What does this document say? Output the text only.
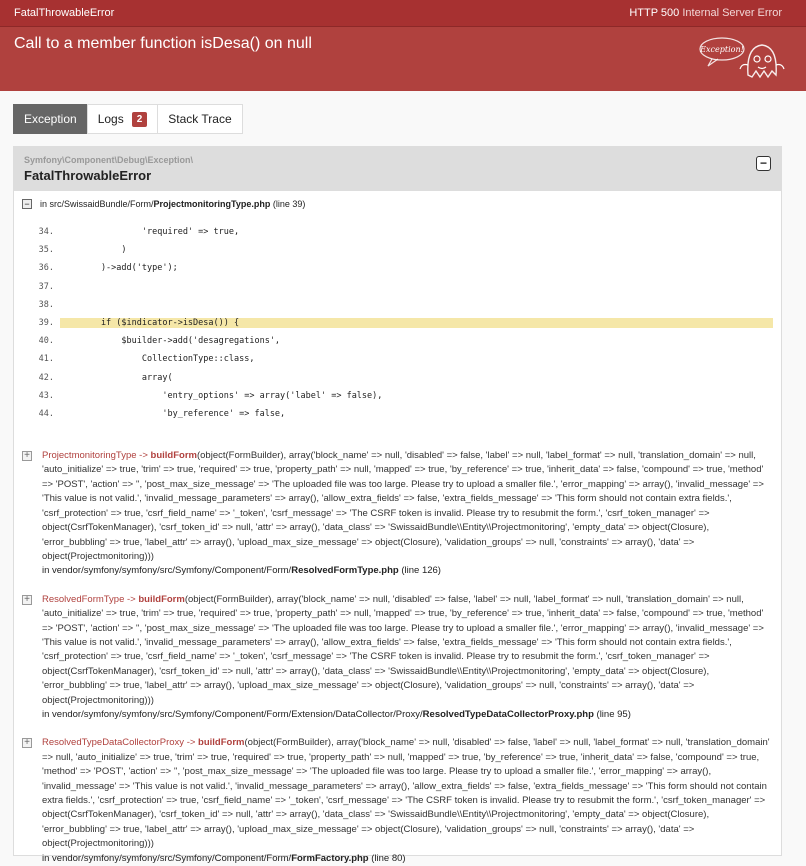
FatalThrowableError	HTTP 500 Internal Server Error
Call to a member function isDesa() on null	Exception!
Exception Logs	2	Stack Trace
Symfony\Component\Debug\Exception\
FatalThrowableError
−
− in src/SwissaidBundle/Form/ProjectmonitoringType.php (line 39)
34. 'required' => true,
35. )
36. )->add('type');
37.
38.
39. if ($indicator->isDesa()) {
40. $builder->add('desagregations',
41. CollectionType::class,
42. array(
43. 'entry_options' => array('label' => false),
44. 'by_reference' => false,
+ ProjectmonitoringType -> buildForm(object(FormBuilder), array('block_name' => null, 'disabled' => false, 'label' => null, 'label_format' => null, 'translation_domain' => null, 'auto_initialize' => true, 'trim' => true, 'required' => true, 'property_path' => null, 'mapped' => true, 'by_reference' => true, 'inherit_data' => false, 'compound' => true, 'method' => 'POST', 'action' => '', 'post_max_size_message' => 'The uploaded file was too large. Please try to upload a smaller file.', 'error_mapping' => array(), 'invalid_message' => 'This value is not valid.', 'invalid_message_parameters' => array(), 'allow_extra_fields' => false, 'extra_fields_message' => 'This form should not contain extra fields.', 'csrf_protection' => true, 'csrf_field_name' => '_token', 'csrf_message' => 'The CSRF token is invalid. Please try to resubmit the form.', 'csrf_token_manager' => object(CsrfTokenManager), 'csrf_token_id' => null, 'attr' => array(), 'data_class' => 'SwissaidBundle\\Entity\\Projectmonitoring', 'empty_data' => object(Closure), 'error_bubbling' => true, 'label_attr' => array(), 'upload_max_size_message' => object(Closure), 'validation_groups' => null, 'constraints' => array(), 'data' => object(Projectmonitoring)))
in vendor/symfony/symfony/src/Symfony/Component/Form/ResolvedFormType.php (line 126)
+ ResolvedFormType -> buildForm(object(FormBuilder), array('block_name' => null, 'disabled' => false, 'label' => null, 'label_format' => null, 'translation_domain' => null, 'auto_initialize' => true, 'trim' => true, 'required' => true, 'property_path' => null, 'mapped' => true, 'by_reference' => true, 'inherit_data' => false, 'compound' => true, 'method' => 'POST', 'action' => '', 'post_max_size_message' => 'The uploaded file was too large. Please try to upload a smaller file.', 'error_mapping' => array(), 'invalid_message' => 'This value is not valid.', 'invalid_message_parameters' => array(), 'allow_extra_fields' => false, 'extra_fields_message' => 'This form should not contain extra fields.', 'csrf_protection' => true, 'csrf_field_name' => '_token', 'csrf_message' => 'The CSRF token is invalid. Please try to resubmit the form.', 'csrf_token_manager' => object(CsrfTokenManager), 'csrf_token_id' => null, 'attr' => array(), 'data_class' => 'SwissaidBundle\\Entity\\Projectmonitoring', 'empty_data' => object(Closure), 'error_bubbling' => true, 'label_attr' => array(), 'upload_max_size_message' => object(Closure), 'validation_groups' => null, 'constraints' => array(), 'data' => object(Projectmonitoring)))
in vendor/symfony/symfony/src/Symfony/Component/Form/Extension/DataCollector/Proxy/ResolvedTypeDataCollectorProxy.php (line 95)
+ ResolvedTypeDataCollectorProxy -> buildForm(object(FormBuilder), array('block_name' => null, 'disabled' => false, 'label' => null, 'label_format' => null, 'translation_domain' => null, 'auto_initialize' => true, 'trim' => true, 'required' => true, 'property_path' => null, 'mapped' => true, 'by_reference' => true, 'inherit_data' => false, 'compound' => true, 'method' => 'POST', 'action' => '', 'post_max_size_message' => 'The uploaded file was too large. Please try to upload a smaller file.', 'error_mapping' => array(), 'invalid_message' => 'This value is not valid.', 'invalid_message_parameters' => array(), 'allow_extra_fields' => false, 'extra_fields_message' => 'This form should not contain extra fields.', 'csrf_protection' => true, 'csrf_field_name' => '_token', 'csrf_message' => 'The CSRF token is invalid. Please try to resubmit the form.', 'csrf_token_manager' => object(CsrfTokenManager), 'csrf_token_id' => null, 'attr' => array(), 'data_class' => 'SwissaidBundle\\Entity\\Projectmonitoring', 'empty_data' => object(Closure), 'error_bubbling' => true, 'label_attr' => array(), 'upload_max_size_message' => object(Closure), 'validation_groups' => null, 'constraints' => array(), 'data' => object(Projectmonitoring)))
in vendor/symfony/symfony/src/Symfony/Component/Form/FormFactory.php (line 80)
